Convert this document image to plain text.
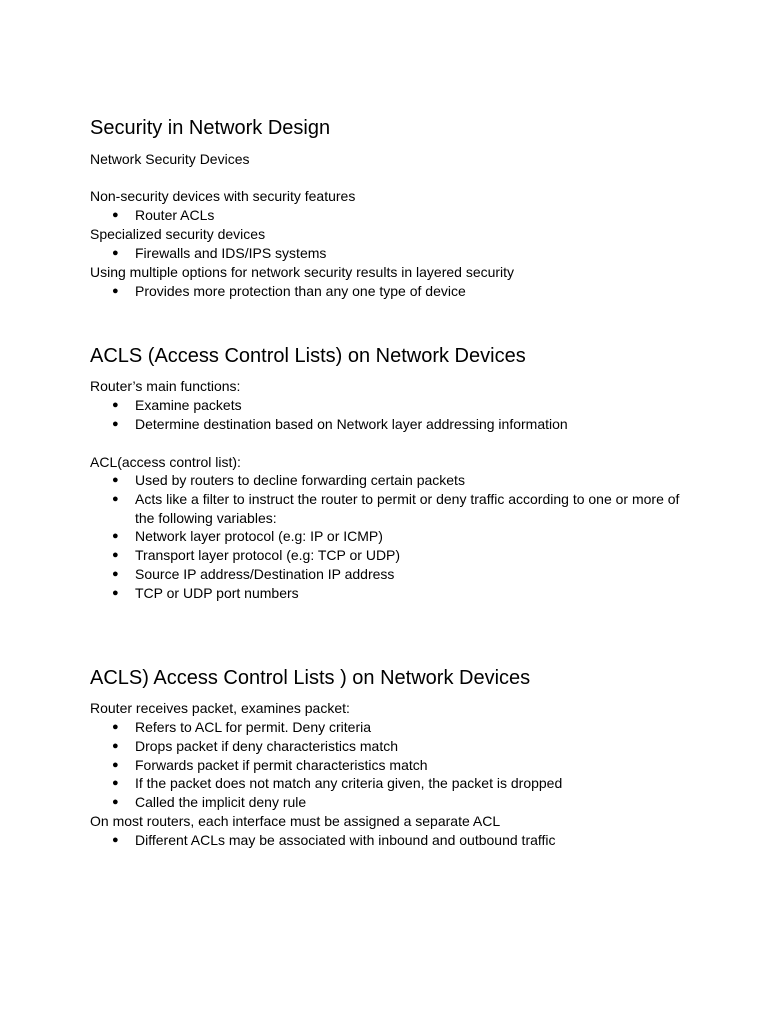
Security in Network Design
Network Security Devices
Non-security devices with security features
● Router ACLs
Specialized security devices
● Firewalls and IDS/IPS systems
Using multiple options for network security results in layered security
● Provides more protection than any one type of device
ACLS (Access Control Lists) on Network Devices
Router’s main functions:
● Examine packets
● Determine destination based on Network layer addressing information
ACL(access control list):
● Used by routers to decline forwarding certain packets
● Acts like a filter to instruct the router to permit or deny traffic according to one or more of the following variables:
● Network layer protocol (e.g: IP or ICMP)
● Transport layer protocol (e.g: TCP or UDP)
● Source IP address/Destination IP address
● TCP or UDP port numbers
ACLS) Access Control Lists ) on Network Devices
Router receives packet, examines packet:
● Refers to ACL for permit. Deny criteria
● Drops packet if deny characteristics match
● Forwards packet if permit characteristics match
● If the packet does not match any criteria given, the packet is dropped
● Called the implicit deny rule
On most routers, each interface must be assigned a separate ACL
● Different ACLs may be associated with inbound and outbound traffic
